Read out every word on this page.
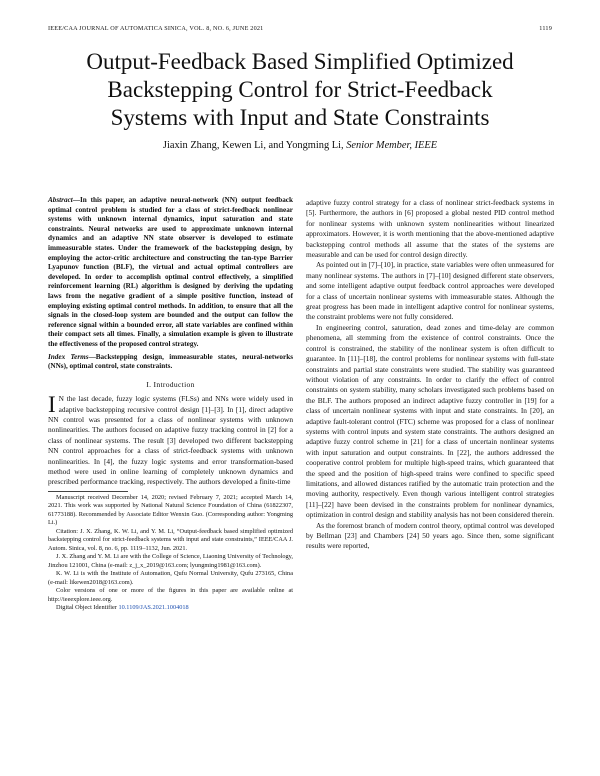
IEEE/CAA JOURNAL OF AUTOMATICA SINICA, VOL. 8, NO. 6, JUNE 2021	1119
Output-Feedback Based Simplified Optimized
Backstepping Control for Strict-Feedback
Systems with Input and State Constraints
Jiaxin Zhang, Kewen Li, and Yongming Li, Senior Member, IEEE
Abstract—In this paper, an adaptive neural-network (NN) output feedback optimal control problem is studied for a class of strict-feedback nonlinear systems with unknown internal dynamics, input saturation and state constraints. Neural networks are used to approximate unknown internal dynamics and an adaptive NN state observer is developed to estimate immeasurable states. Under the framework of the backstepping design, by employing the actor-critic architecture and constructing the tan-type Barrier Lyapunov function (BLF), the virtual and actual optimal controllers are developed. In order to accomplish optimal control effectively, a simplified reinforcement learning (RL) algorithm is designed by deriving the updating laws from the negative gradient of a simple positive function, instead of employing existing optimal control methods. In addition, to ensure that all the signals in the closed-loop system are bounded and the output can follow the reference signal within a bounded error, all state variables are confined within their compact sets all times. Finally, a simulation example is given to illustrate the effectiveness of the proposed control strategy.
Index Terms—Backstepping design, immeasurable states, neural-networks (NNs), optimal control, state constraints.
I. Introduction

I N the last decade, fuzzy logic systems (FLSs) and NNs were widely used in adaptive backstepping recursive control design [1]–[3]. In [1], direct adaptive NN control was presented for a class of nonlinear systems with unknown nonlinearities. The authors focused on adaptive fuzzy tracking control in [2] for a class of nonlinear systems. The result [3] developed two different backstepping NN control approaches for a class of strict-feedback systems with unknown nonlinearities. In [4], the fuzzy logic systems and error transformation-based method were used in online learning of completely unknown dynamics and prescribed performance tracking, respectively. The authors developed a finite-time

Manuscript received December 14, 2020; revised February 7, 2021; accepted March 14, 2021. This work was supported by National Natural Science Foundation of China (61822307, 61773188). Recommended by Associate Editor Wenxin Guo. (Corresponding author: Yongming Li.)

Citation: J. X. Zhang, K. W. Li, and Y. M. Li, “Output-feedback based simplified optimized backstepping control for strict-feedback systems with input and state constraints,” IEEE/CAA J. Autom. Sinica, vol. 8, no. 6, pp. 1119–1132, Jun. 2021.

J. X. Zhang and Y. M. Li are with the College of Science, Liaoning University of Technology, Jinzhou 121001, China (e-mail: z_j_x_2019@163.com; lyungming1981@163.com).

K. W. Li is with the Institute of Automation, Qufu Normal University, Qufu 273165, China (e-mail: likewen2018@163.com).

Color versions of one or more of the figures in this paper are available online at http://ieeexplore.ieee.org.

Digital Object Identifier 10.1109/JAS.2021.1004018

adaptive fuzzy control strategy for a class of nonlinear strict-feedback systems in [5]. Furthermore, the authors in [6] proposed a global nested PID control method for nonlinear systems with unknown system nonlinearities without linearized approximators. However, it is worth mentioning that the above-mentioned adaptive backstepping control methods all assume that the states of the systems are measurable and can be used for control design directly.

As pointed out in [7]–[10], in practice, state variables were often unmeasured for many nonlinear systems. The authors in [7]–[10] designed different state observers, and some intelligent adaptive output feedback control approaches were developed for a class of uncertain nonlinear systems with immeasurable states. Although the great progress has been made in intelligent adaptive control for nonlinear systems, the constraint problems were not fully considered.

In engineering control, saturation, dead zones and time-delay are common phenomena, all stemming from the existence of control constraints. Once the control is constrained, the stability of the nonlinear system is often difficult to guarantee. In [11]–[18], the control problems for nonlinear systems with full-state constraints and partial state constraints were studied. The stability was guaranteed without violation of any constraints. In order to clarify the effect of control constraints on system stability, many scholars investigated such problems based on the BLF. The authors proposed an indirect adaptive fuzzy controller in [19] for a class of uncertain nonlinear systems with input and state constraints. In [20], an adaptive fault-tolerant control (FTC) scheme was proposed for a class of nonlinear systems with control inputs and system state constraints. The authors designed an adaptive fuzzy control scheme in [21] for a class of uncertain nonlinear systems with input saturation and output constraints. In [22], the authors addressed the cooperative control problem for multiple high-speed trains, which guaranteed that the speed and the position of high-speed trains were confined to specific speed limitations, and allowed distances ratified by the automatic train protection and the moving authority, respectively. Even though various intelligent control strategies [11]–[22] have been devised in the constraints problem for nonlinear dynamics, optimization in control design and stability analysis has not been considered therein.

As the foremost branch of modern control theory, optimal control was developed by Bellman [23] and Chambers [24] 50 years ago. Since then, some significant results were reported,
